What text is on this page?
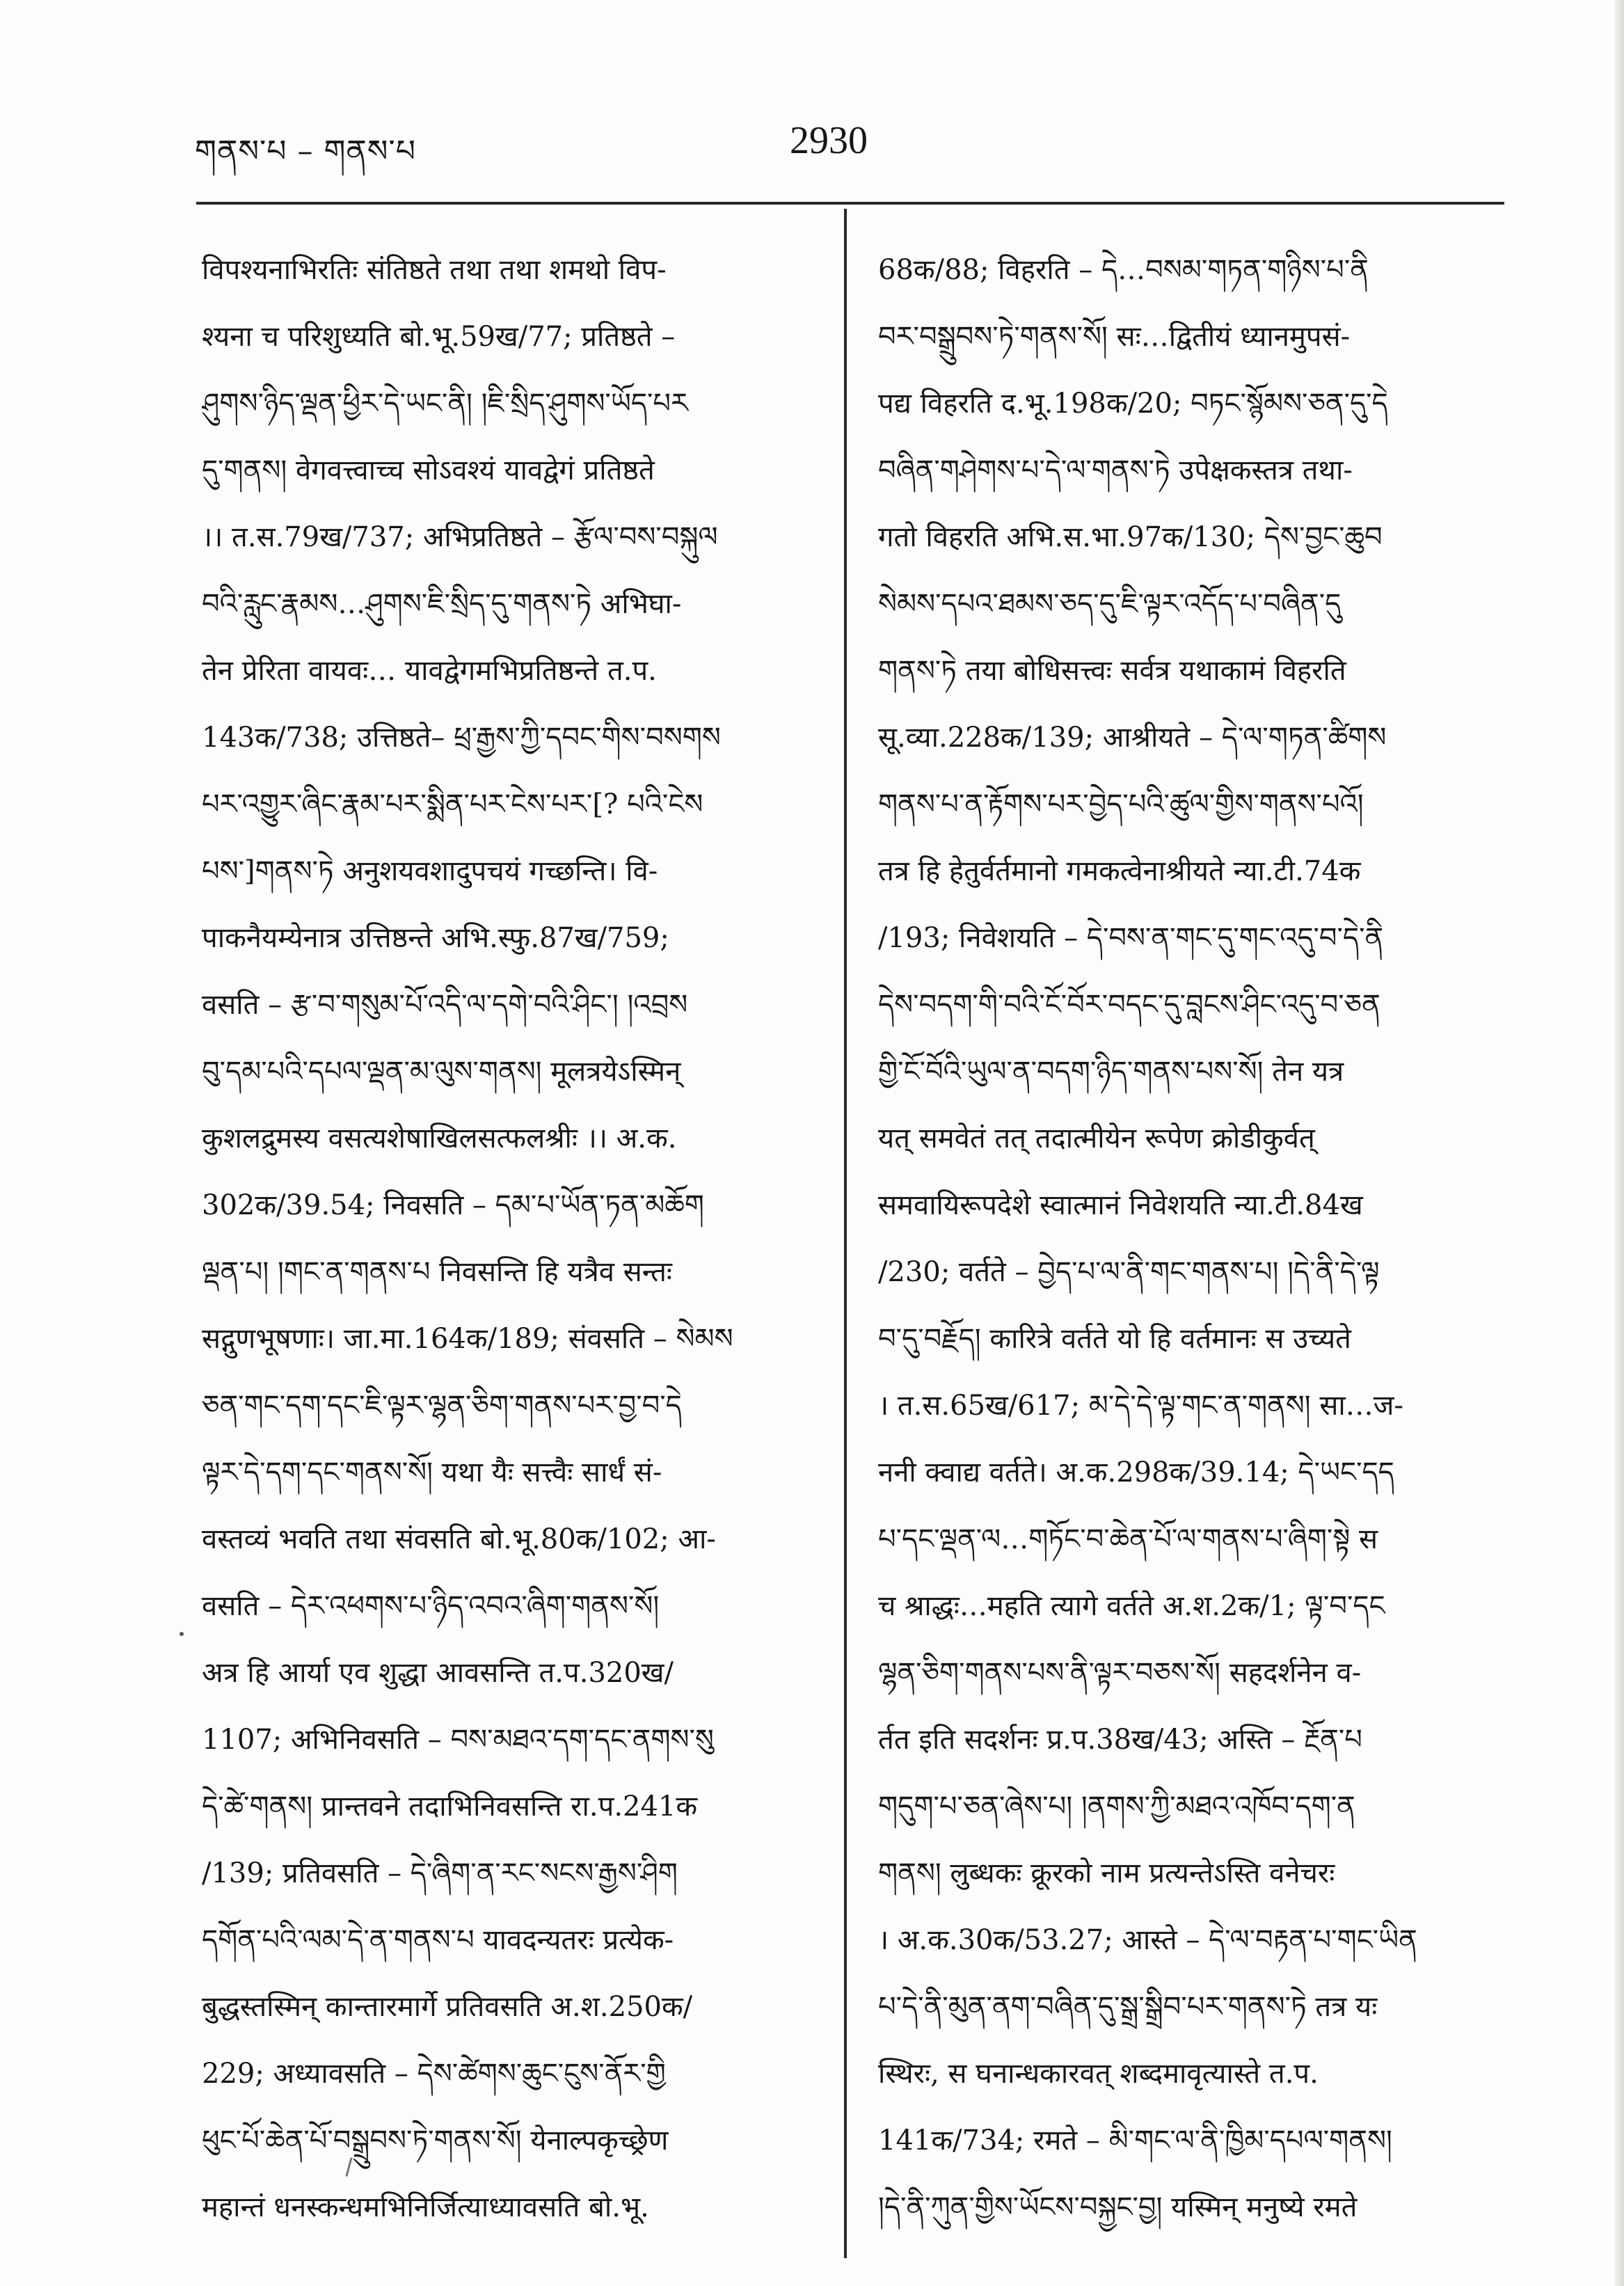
གནས་པ – གནས་པ	2930
विपश्यनाभिरतिः संतिष्ठते तथा तथा शमथो विप-
श्यना च परिशुध्यति बो.भू.59ख/77; प्रतिष्ठते –
ཤུགས་ཉིད་ལྡན་ཕྱིར་དེ་ཡང་ནི། །ཇི་སྲིད་ཤུགས་ཡོད་པར
དུ་གནས། वेगवत्त्वाच्च सोऽवश्यं यावद्वेगं प्रतिष्ठते
।। त.स.79ख/737; अभिप्रतिष्ठते – རྩོལ་བས་བསྐུལ
བའི་རླུང་རྣམས…ཤུགས་ཇི་སྲིད་དུ་གནས་ཏེ अभिघा-
तेन प्रेरिता वायवः… यावद्वेगमभिप्रतिष्ठन्ते त.प.
143क/738; उत्तिष्ठते– ཕྲ་རྒྱས་ཀྱི་དབང་གིས་བསགས
པར་འགྱུར་ཞིང་རྣམ་པར་སྨིན་པར་ངེས་པར་[? པའི་ངེས
པས་]གནས་ཏེ अनुशयवशादुपचयं गच्छन्ति। वि-
पाकनैयम्येनात्र उत्तिष्ठन्ते अभि.स्फु.87ख/759;
वसति – རྩ་བ་གསུམ་པོ་འདི་ལ་དགེ་བའི་ཤིང་། །འབྲས
བུ་དམ་པའི་དཔལ་ལྡན་མ་ལུས་གནས། मूलत्रयेऽस्मिन्
कुशलद्रुमस्य वसत्यशेषाखिलसत्फलश्रीः ।। अ.क.
302क/39.54; निवसति – དམ་པ་ཡོན་ཏན་མཆོག
ལྡན་པ། །གང་ན་གནས་པ निवसन्ति हि यत्रैव सन्तः
सद्गुणभूषणाः। जा.मा.164क/189; संवसति – སེམས
ཅན་གང་དག་དང་ཇི་ལྟར་ལྷན་ཅིག་གནས་པར་བྱ་བ་དེ
ལྟར་དེ་དག་དང་གནས་སོ། यथा यैः सत्त्वैः सार्धं सं-
वस्तव्यं भवति तथा संवसति बो.भू.80क/102; आ-
वसति – དེར་འཕགས་པ་ཉིད་འབའ་ཞིག་གནས་སོ།
अत्र हि आर्या एव शुद्धा आवसन्ति त.प.320ख/
1107; अभिनिवसति – བས་མཐའ་དག་དང་ནགས་སུ
དེ་ཚེ་གནས། प्रान्तवने तदाभिनिवसन्ति रा.प.241क
/139; प्रतिवसति – དེ་ཞིག་ན་རང་སངས་རྒྱས་ཤིག
དགོན་པའི་ལམ་དེ་ན་གནས་པ यावदन्यतरः प्रत्येक-
बुद्धस्तस्मिन् कान्तारमार्गे प्रतिवसति अ.श.250क/
229; अध्यावसति – དེས་ཚེགས་ཆུང་ངུས་ནོར་གྱི
ཕུང་པོ་ཆེན་པོ་བསྒྲུབས་ཏེ་གནས་སོ། येनाल्पकृच्छ्रेण
महान्तं धनस्कन्धमभिनिर्जित्याध्यावसति बो.भू.
68क/88; विहरति – དེ…བསམ་གཏན་གཉིས་པ་ནི
བར་བསྒྲུབས་ཏེ་གནས་སོ། सः…द्वितीयं ध्यानमुपसं-
पद्य विहरति द.भू.198क/20; བཏང་སྙོམས་ཅན་དུ་དེ
བཞིན་གཤེགས་པ་དེ་ལ་གནས་ཏེ उपेक्षकस्तत्र तथा-
गतो विहरति अभि.स.भा.97क/130; དེས་བྱང་ཆུབ
སེམས་དཔའ་ཐམས་ཅད་དུ་ཇི་ལྟར་འདོད་པ་བཞིན་དུ
གནས་ཏེ तया बोधिसत्त्वः सर्वत्र यथाकामं विहरति
सू.व्या.228क/139; आश्रीयते – དེ་ལ་གཏན་ཚིགས
གནས་པ་ན་རྟོགས་པར་བྱེད་པའི་ཚུལ་གྱིས་གནས་པའོ།
तत्र हि हेतुर्वर्तमानो गमकत्वेनाश्रीयते न्या.टी.74क
/193; निवेशयति – དེ་བས་ན་གང་དུ་གང་འདུ་བ་དེ་ནི
དེས་བདག་གི་བའི་ངོ་བོར་བདང་དུ་བླངས་ཤིང་འདུ་བ་ཅན
གྱི་ངོ་བོའི་ཡུལ་ན་བདག་ཉིད་གནས་པས་སོ། तेन यत्र
यत् समवेतं तत् तदात्मीयेन रूपेण क्रोडीकुर्वत्
समवायिरूपदेशे स्वात्मानं निवेशयति न्या.टी.84ख
/230; वर्तते – བྱེད་པ་ལ་ནི་གང་གནས་པ། །དེ་ནི་དེ་ལྟ
བ་དུ་བརྗོད། कारित्रे वर्तते यो हि वर्तमानः स उच्यते
। त.स.65ख/617; མ་དེ་དེ་ལྟ་གང་ན་གནས། सा…ज-
ननी क्वाद्य वर्तते। अ.क.298क/39.14; དེ་ཡང་དད
པ་དང་ལྡན་ལ…གཏོང་བ་ཆེན་པོ་ལ་གནས་པ་ཞིག་སྟེ स
च श्राद्धः…महति त्यागे वर्तते अ.श.2क/1; ལྟ་བ་དང
ལྷན་ཅིག་གནས་པས་ནི་ལྟར་བཅས་སོ། सहदर्शनेन व-
र्तत इति सदर्शनः प्र.प.38ख/43; अस्ति – རྔོན་པ
གདུག་པ་ཅན་ཞེས་པ། །ནགས་ཀྱི་མཐའ་འཁོབ་དག་ན
གནས། लुब्धकः क्रूरको नाम प्रत्यन्तेऽस्ति वनेचरः
। अ.क.30क/53.27; आस्ते – དེ་ལ་བརྟན་པ་གང་ཡིན
པ་དེ་ནི་མུན་ནག་བཞིན་དུ་སྒྲ་སྒྲིབ་པར་གནས་ཏེ तत्र यः
स्थिरः, स घनान्धकारवत् शब्दमावृत्यास्ते त.प.
141क/734; रमते – མི་གང་ལ་ནི་ཁྱིམ་དཔལ་གནས།
།དེ་ནི་ཀུན་གྱིས་ཡོངས་བསྐྱང་བྱ། यस्मिन् मनुष्ये रमते
